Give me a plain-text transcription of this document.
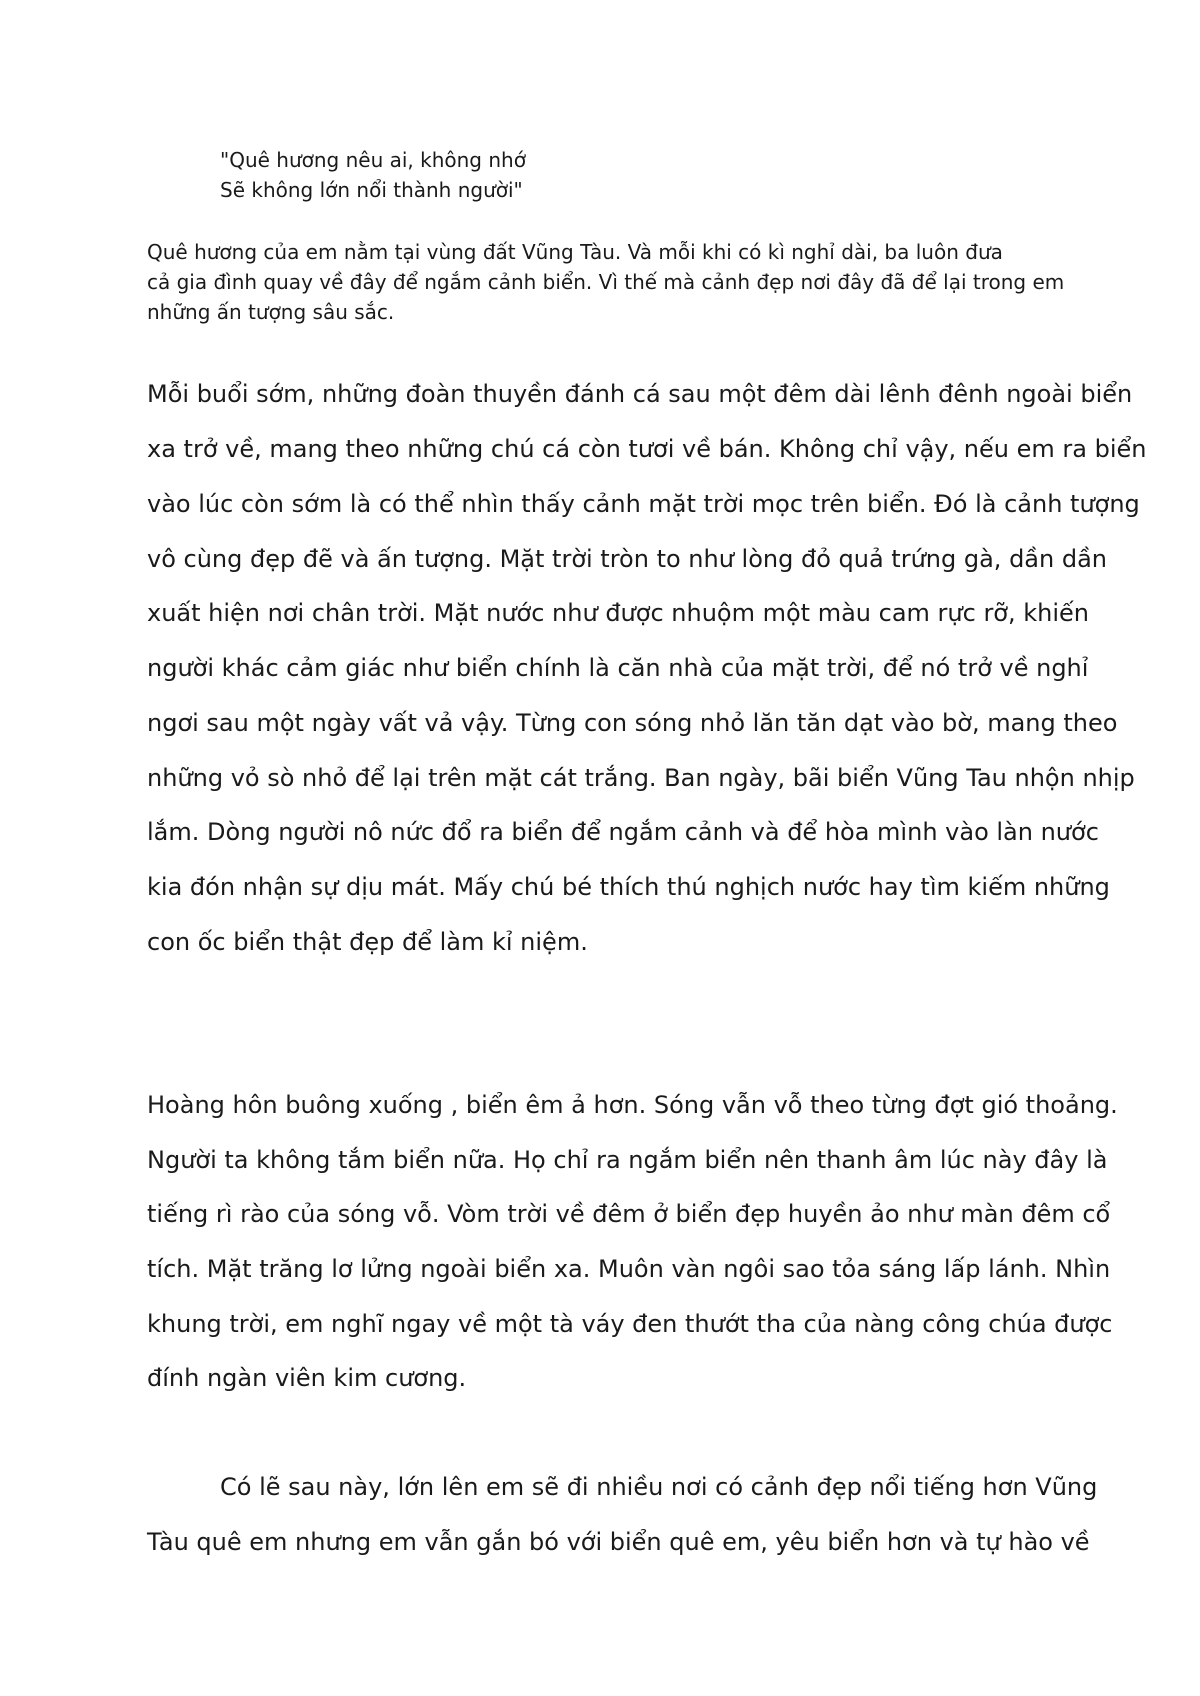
"Quê hương nêu ai, không nhớ
Sẽ không lớn nổi thành người"
Quê hương của em nằm tại vùng đất Vũng Tàu. Và mỗi khi có kì nghỉ dài, ba luôn đưa
cả gia đình quay về đây để ngắm cảnh biển. Vì thế mà cảnh đẹp nơi đây đã để lại trong em
những ấn tượng sâu sắc.
Mỗi buổi sớm, những đoàn thuyền đánh cá sau một đêm dài lênh đênh ngoài biển
xa trở về, mang theo những chú cá còn tươi về bán. Không chỉ vậy, nếu em ra biển
vào lúc còn sớm là có thể nhìn thấy cảnh mặt trời mọc trên biển. Đó là cảnh tượng
vô cùng đẹp đẽ và ấn tượng. Mặt trời tròn to như lòng đỏ quả trứng gà, dần dần
xuất hiện nơi chân trời. Mặt nước như được nhuộm một màu cam rực rỡ, khiến
người khác cảm giác như biển chính là căn nhà của mặt trời, để nó trở về nghỉ
ngơi sau một ngày vất vả vậy. Từng con sóng nhỏ lăn tăn dạt vào bờ, mang theo
những vỏ sò nhỏ để lại trên mặt cát trắng. Ban ngày, bãi biển Vũng Tau nhộn nhịp
lắm. Dòng người nô nức đổ ra biển để ngắm cảnh và để hòa mình vào làn nước
kia đón nhận sự dịu mát. Mấy chú bé thích thú nghịch nước hay tìm kiếm những
con ốc biển thật đẹp để làm kỉ niệm.
Hoàng hôn buông xuống , biển êm ả hơn. Sóng vẫn vỗ theo từng đợt gió thoảng.
Người ta không tắm biển nữa. Họ chỉ ra ngắm biển nên thanh âm lúc này đây là
tiếng rì rào của sóng vỗ. Vòm trời về đêm ở biển đẹp huyền ảo như màn đêm cổ
tích. Mặt trăng lơ lửng ngoài biển xa. Muôn vàn ngôi sao tỏa sáng lấp lánh. Nhìn
khung trời, em nghĩ ngay về một tà váy đen thướt tha của nàng công chúa được
đính ngàn viên kim cương.
Có lẽ sau này, lớn lên em sẽ đi nhiều nơi có cảnh đẹp nổi tiếng hơn Vũng
Tàu quê em nhưng em vẫn gắn bó với biển quê em, yêu biển hơn và tự hào về
